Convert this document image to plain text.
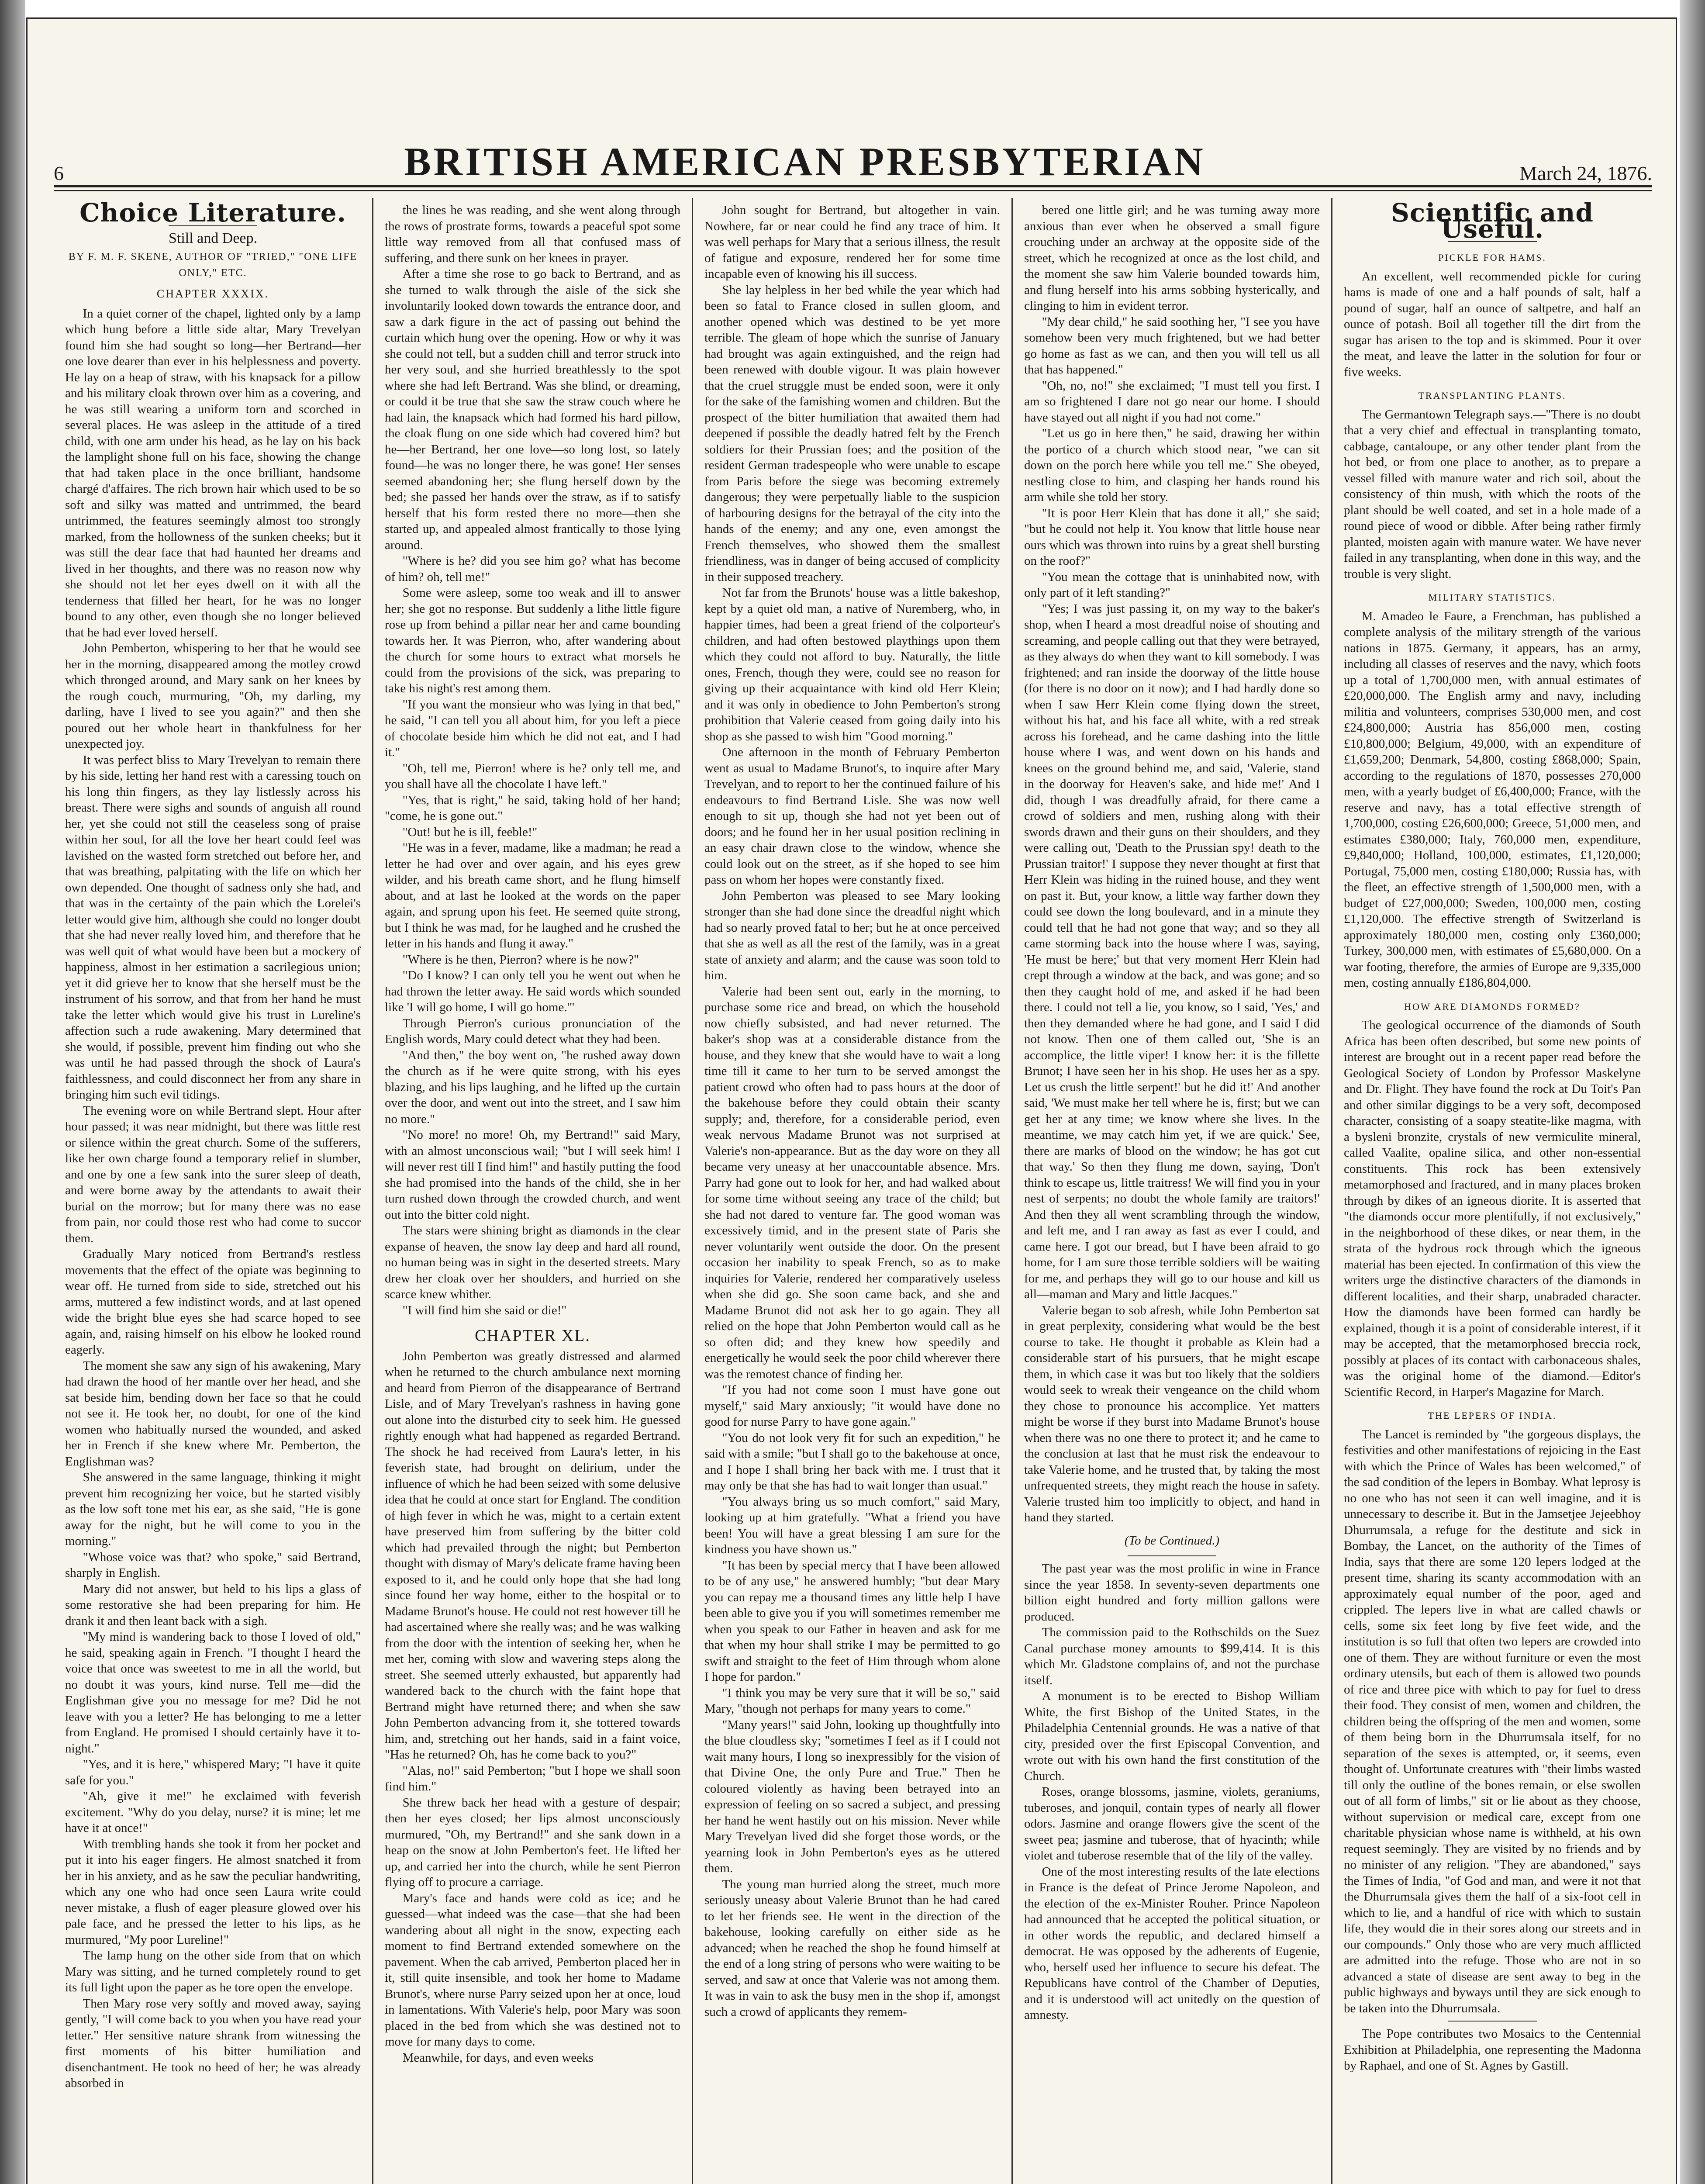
6	BRITISH AMERICAN PRESBYTERIAN	March 24, 1876.
Choice Literature.
Still and Deep.
BY F. M. F. SKENE, AUTHOR OF "TRIED," "ONE LIFE ONLY," ETC.
CHAPTER XXXIX.

In a quiet corner of the chapel, lighted only by a lamp which hung before a little side altar, Mary Trevelyan found him she had sought so long—her Bertrand—her one love dearer than ever in his helplessness and poverty. He lay on a heap of straw, with his knapsack for a pillow and his military cloak thrown over him as a covering, and he was still wearing a uniform torn and scorched in several places. He was asleep in the attitude of a tired child, with one arm under his head, as he lay on his back the lamplight shone full on his face, showing the change that had taken place in the once brilliant, handsome chargé d'affaires. The rich brown hair which used to be so soft and silky was matted and untrimmed, the beard untrimmed, the features seemingly almost too strongly marked, from the hollowness of the sunken cheeks; but it was still the dear face that had haunted her dreams and lived in her thoughts, and there was no reason now why she should not let her eyes dwell on it with all the tenderness that filled her heart, for he was no longer bound to any other, even though she no longer believed that he had ever loved herself.

John Pemberton, whispering to her that he would see her in the morning, disappeared among the motley crowd which thronged around, and Mary sank on her knees by the rough couch, murmuring, "Oh, my darling, my darling, have I lived to see you again?" and then she poured out her whole heart in thankfulness for her unexpected joy.

It was perfect bliss to Mary Trevelyan to remain there by his side, letting her hand rest with a caressing touch on his long thin fingers, as they lay listlessly across his breast. There were sighs and sounds of anguish all round her, yet she could not still the ceaseless song of praise within her soul, for all the love her heart could feel was lavished on the wasted form stretched out before her, and that was breathing, palpitating with the life on which her own depended. One thought of sadness only she had, and that was in the certainty of the pain which the Lorelei's letter would give him, although she could no longer doubt that she had never really loved him, and therefore that he was well quit of what would have been but a mockery of happiness, almost in her estimation a sacrilegious union; yet it did grieve her to know that she herself must be the instrument of his sorrow, and that from her hand he must take the letter which would give his trust in Lureline's affection such a rude awakening. Mary determined that she would, if possible, prevent him finding out who she was until he had passed through the shock of Laura's faithlessness, and could disconnect her from any share in bringing him such evil tidings.

The evening wore on while Bertrand slept. Hour after hour passed; it was near midnight, but there was little rest or silence within the great church. Some of the sufferers, like her own charge found a temporary relief in slumber, and one by one a few sank into the surer sleep of death, and were borne away by the attendants to await their burial on the morrow; but for many there was no ease from pain, nor could those rest who had come to succor them.

Gradually Mary noticed from Bertrand's restless movements that the effect of the opiate was beginning to wear off. He turned from side to side, stretched out his arms, muttered a few indistinct words, and at last opened wide the bright blue eyes she had scarce hoped to see again, and, raising himself on his elbow he looked round eagerly.

The moment she saw any sign of his awakening, Mary had drawn the hood of her mantle over her head, and she sat beside him, bending down her face so that he could not see it. He took her, no doubt, for one of the kind women who habitually nursed the wounded, and asked her in French if she knew where Mr. Pemberton, the Englishman was?

She answered in the same language, thinking it might prevent him recognizing her voice, but he started visibly as the low soft tone met his ear, as she said, "He is gone away for the night, but he will come to you in the morning."

"Whose voice was that? who spoke," said Bertrand, sharply in English.

Mary did not answer, but held to his lips a glass of some restorative she had been preparing for him. He drank it and then leant back with a sigh.

"My mind is wandering back to those I loved of old," he said, speaking again in French. "I thought I heard the voice that once was sweetest to me in all the world, but no doubt it was yours, kind nurse. Tell me—did the Englishman give you no message for me? Did he not leave with you a letter? He has belonging to me a letter from England. He promised I should certainly have it to-night."

"Yes, and it is here," whispered Mary; "I have it quite safe for you."

"Ah, give it me!" he exclaimed with feverish excitement. "Why do you delay, nurse? it is mine; let me have it at once!"

With trembling hands she took it from her pocket and put it into his eager fingers. He almost snatched it from her in his anxiety, and as he saw the peculiar handwriting, which any one who had once seen Laura write could never mistake, a flush of eager pleasure glowed over his pale face, and he pressed the letter to his lips, as he murmured, "My poor Lureline!"

The lamp hung on the other side from that on which Mary was sitting, and he turned completely round to get its full light upon the paper as he tore open the envelope.

Then Mary rose very softly and moved away, saying gently, "I will come back to you when you have read your letter." Her sensitive nature shrank from witnessing the first moments of his bitter humiliation and disenchantment. He took no heed of her; he was already absorbed in

the lines he was reading, and she went along through the rows of prostrate forms, towards a peaceful spot some little way removed from all that confused mass of suffering, and there sunk on her knees in prayer.

After a time she rose to go back to Bertrand, and as she turned to walk through the aisle of the sick she involuntarily looked down towards the entrance door, and saw a dark figure in the act of passing out behind the curtain which hung over the opening. How or why it was she could not tell, but a sudden chill and terror struck into her very soul, and she hurried breathlessly to the spot where she had left Bertrand. Was she blind, or dreaming, or could it be true that she saw the straw couch where he had lain, the knapsack which had formed his hard pillow, the cloak flung on one side which had covered him? but he—her Bertrand, her one love—so long lost, so lately found—he was no longer there, he was gone! Her senses seemed abandoning her; she flung herself down by the bed; she passed her hands over the straw, as if to satisfy herself that his form rested there no more—then she started up, and appealed almost frantically to those lying around.

"Where is he? did you see him go? what has become of him? oh, tell me!"

Some were asleep, some too weak and ill to answer her; she got no response. But suddenly a lithe little figure rose up from behind a pillar near her and came bounding towards her. It was Pierron, who, after wandering about the church for some hours to extract what morsels he could from the provisions of the sick, was preparing to take his night's rest among them.

"If you want the monsieur who was lying in that bed," he said, "I can tell you all about him, for you left a piece of chocolate beside him which he did not eat, and I had it."

"Oh, tell me, Pierron! where is he? only tell me, and you shall have all the chocolate I have left."

"Yes, that is right," he said, taking hold of her hand; "come, he is gone out."

"Out! but he is ill, feeble!"

"He was in a fever, madame, like a madman; he read a letter he had over and over again, and his eyes grew wilder, and his breath came short, and he flung himself about, and at last he looked at the words on the paper again, and sprung upon his feet. He seemed quite strong, but I think he was mad, for he laughed and he crushed the letter in his hands and flung it away."

"Where is he then, Pierron? where is he now?"

"Do I know? I can only tell you he went out when he had thrown the letter away. He said words which sounded like 'I will go home, I will go home.'"

Through Pierron's curious pronunciation of the English words, Mary could detect what they had been.

"And then," the boy went on, "he rushed away down the church as if he were quite strong, with his eyes blazing, and his lips laughing, and he lifted up the curtain over the door, and went out into the street, and I saw him no more."

"No more! no more! Oh, my Bertrand!" said Mary, with an almost unconscious wail; "but I will seek him! I will never rest till I find him!" and hastily putting the food she had promised into the hands of the child, she in her turn rushed down through the crowded church, and went out into the bitter cold night.

The stars were shining bright as diamonds in the clear expanse of heaven, the snow lay deep and hard all round, no human being was in sight in the deserted streets. Mary drew her cloak over her shoulders, and hurried on she scarce knew whither.

"I will find him she said or die!"

CHAPTER XL.

John Pemberton was greatly distressed and alarmed when he returned to the church ambulance next morning and heard from Pierron of the disappearance of Bertrand Lisle, and of Mary Trevelyan's rashness in having gone out alone into the disturbed city to seek him. He guessed rightly enough what had happened as regarded Bertrand. The shock he had received from Laura's letter, in his feverish state, had brought on delirium, under the influence of which he had been seized with some delusive idea that he could at once start for England. The condition of high fever in which he was, might to a certain extent have preserved him from suffering by the bitter cold which had prevailed through the night; but Pemberton thought with dismay of Mary's delicate frame having been exposed to it, and he could only hope that she had long since found her way home, either to the hospital or to Madame Brunot's house. He could not rest however till he had ascertained where she really was; and he was walking from the door with the intention of seeking her, when he met her, coming with slow and wavering steps along the street. She seemed utterly exhausted, but apparently had wandered back to the church with the faint hope that Bertrand might have returned there; and when she saw John Pemberton advancing from it, she tottered towards him, and, stretching out her hands, said in a faint voice, "Has he returned? Oh, has he come back to you?"

"Alas, no!" said Pemberton; "but I hope we shall soon find him."

She threw back her head with a gesture of despair; then her eyes closed; her lips almost unconsciously murmured, "Oh, my Bertrand!" and she sank down in a heap on the snow at John Pemberton's feet. He lifted her up, and carried her into the church, while he sent Pierron flying off to procure a carriage.

Mary's face and hands were cold as ice; and he guessed—what indeed was the case—that she had been wandering about all night in the snow, expecting each moment to find Bertrand extended somewhere on the pavement. When the cab arrived, Pemberton placed her in it, still quite insensible, and took her home to Madame Brunot's, where nurse Parry seized upon her at once, loud in lamentations. With Valerie's help, poor Mary was soon placed in the bed from which she was destined not to move for many days to come.

Meanwhile, for days, and even weeks

John sought for Bertrand, but altogether in vain. Nowhere, far or near could he find any trace of him. It was well perhaps for Mary that a serious illness, the result of fatigue and exposure, rendered her for some time incapable even of knowing his ill success.

She lay helpless in her bed while the year which had been so fatal to France closed in sullen gloom, and another opened which was destined to be yet more terrible. The gleam of hope which the sunrise of January had brought was again extinguished, and the reign had been renewed with double vigour. It was plain however that the cruel struggle must be ended soon, were it only for the sake of the famishing women and children. But the prospect of the bitter humiliation that awaited them had deepened if possible the deadly hatred felt by the French soldiers for their Prussian foes; and the position of the resident German tradespeople who were unable to escape from Paris before the siege was becoming extremely dangerous; they were perpetually liable to the suspicion of harbouring designs for the betrayal of the city into the hands of the enemy; and any one, even amongst the French themselves, who showed them the smallest friendliness, was in danger of being accused of complicity in their supposed treachery.

Not far from the Brunots' house was a little bakeshop, kept by a quiet old man, a native of Nuremberg, who, in happier times, had been a great friend of the colporteur's children, and had often bestowed playthings upon them which they could not afford to buy. Naturally, the little ones, French, though they were, could see no reason for giving up their acquaintance with kind old Herr Klein; and it was only in obedience to John Pemberton's strong prohibition that Valerie ceased from going daily into his shop as she passed to wish him "Good morning."

One afternoon in the month of February Pemberton went as usual to Madame Brunot's, to inquire after Mary Trevelyan, and to report to her the continued failure of his endeavours to find Bertrand Lisle. She was now well enough to sit up, though she had not yet been out of doors; and he found her in her usual position reclining in an easy chair drawn close to the window, whence she could look out on the street, as if she hoped to see him pass on whom her hopes were constantly fixed.

John Pemberton was pleased to see Mary looking stronger than she had done since the dreadful night which had so nearly proved fatal to her; but he at once perceived that she as well as all the rest of the family, was in a great state of anxiety and alarm; and the cause was soon told to him.

Valerie had been sent out, early in the morning, to purchase some rice and bread, on which the household now chiefly subsisted, and had never returned. The baker's shop was at a considerable distance from the house, and they knew that she would have to wait a long time till it came to her turn to be served amongst the patient crowd who often had to pass hours at the door of the bakehouse before they could obtain their scanty supply; and, therefore, for a considerable period, even weak nervous Madame Brunot was not surprised at Valerie's non-appearance. But as the day wore on they all became very uneasy at her unaccountable absence. Mrs. Parry had gone out to look for her, and had walked about for some time without seeing any trace of the child; but she had not dared to venture far. The good woman was excessively timid, and in the present state of Paris she never voluntarily went outside the door. On the present occasion her inability to speak French, so as to make inquiries for Valerie, rendered her comparatively useless when she did go. She soon came back, and she and Madame Brunot did not ask her to go again. They all relied on the hope that John Pemberton would call as he so often did; and they knew how speedily and energetically he would seek the poor child wherever there was the remotest chance of finding her.

"If you had not come soon I must have gone out myself," said Mary anxiously; "it would have done no good for nurse Parry to have gone again."

"You do not look very fit for such an expedition," he said with a smile; "but I shall go to the bakehouse at once, and I hope I shall bring her back with me. I trust that it may only be that she has had to wait longer than usual."

"You always bring us so much comfort," said Mary, looking up at him gratefully. "What a friend you have been! You will have a great blessing I am sure for the kindness you have shown us."

"It has been by special mercy that I have been allowed to be of any use," he answered humbly; "but dear Mary you can repay me a thousand times any little help I have been able to give you if you will sometimes remember me when you speak to our Father in heaven and ask for me that when my hour shall strike I may be permitted to go swift and straight to the feet of Him through whom alone I hope for pardon."

"I think you may be very sure that it will be so," said Mary, "though not perhaps for many years to come."

"Many years!" said John, looking up thoughtfully into the blue cloudless sky; "sometimes I feel as if I could not wait many hours, I long so inexpressibly for the vision of that Divine One, the only Pure and True." Then he coloured violently as having been betrayed into an expression of feeling on so sacred a subject, and pressing her hand he went hastily out on his mission. Never while Mary Trevelyan lived did she forget those words, or the yearning look in John Pemberton's eyes as he uttered them.

The young man hurried along the street, much more seriously uneasy about Valerie Brunot than he had cared to let her friends see. He went in the direction of the bakehouse, looking carefully on either side as he advanced; when he reached the shop he found himself at the end of a long string of persons who were waiting to be served, and saw at once that Valerie was not among them. It was in vain to ask the busy men in the shop if, amongst such a crowd of applicants they remem-

bered one little girl; and he was turning away more anxious than ever when he observed a small figure crouching under an archway at the opposite side of the street, which he recognized at once as the lost child, and the moment she saw him Valerie bounded towards him, and flung herself into his arms sobbing hysterically, and clinging to him in evident terror.

"My dear child," he said soothing her, "I see you have somehow been very much frightened, but we had better go home as fast as we can, and then you will tell us all that has happened."

"Oh, no, no!" she exclaimed; "I must tell you first. I am so frightened I dare not go near our home. I should have stayed out all night if you had not come."

"Let us go in here then," he said, drawing her within the portico of a church which stood near, "we can sit down on the porch here while you tell me." She obeyed, nestling close to him, and clasping her hands round his arm while she told her story.

"It is poor Herr Klein that has done it all," she said; "but he could not help it. You know that little house near ours which was thrown into ruins by a great shell bursting on the roof?"

"You mean the cottage that is uninhabited now, with only part of it left standing?"

"Yes; I was just passing it, on my way to the baker's shop, when I heard a most dreadful noise of shouting and screaming, and people calling out that they were betrayed, as they always do when they want to kill somebody. I was frightened; and ran inside the doorway of the little house (for there is no door on it now); and I had hardly done so when I saw Herr Klein come flying down the street, without his hat, and his face all white, with a red streak across his forehead, and he came dashing into the little house where I was, and went down on his hands and knees on the ground behind me, and said, 'Valerie, stand in the doorway for Heaven's sake, and hide me!' And I did, though I was dreadfully afraid, for there came a crowd of soldiers and men, rushing along with their swords drawn and their guns on their shoulders, and they were calling out, 'Death to the Prussian spy! death to the Prussian traitor!' I suppose they never thought at first that Herr Klein was hiding in the ruined house, and they went on past it. But, your know, a little way farther down they could see down the long boulevard, and in a minute they could tell that he had not gone that way; and so they all came storming back into the house where I was, saying, 'He must be here;' but that very moment Herr Klein had crept through a window at the back, and was gone; and so then they caught hold of me, and asked if he had been there. I could not tell a lie, you know, so I said, 'Yes,' and then they demanded where he had gone, and I said I did not know. Then one of them called out, 'She is an accomplice, the little viper! I know her: it is the fillette Brunot; I have seen her in his shop. He uses her as a spy. Let us crush the little serpent!' but he did it!' And another said, 'We must make her tell where he is, first; but we can get her at any time; we know where she lives. In the meantime, we may catch him yet, if we are quick.' See, there are marks of blood on the window; he has got cut that way.' So then they flung me down, saying, 'Don't think to escape us, little traitress! We will find you in your nest of serpents; no doubt the whole family are traitors!' And then they all went scrambling through the window, and left me, and I ran away as fast as ever I could, and came here. I got our bread, but I have been afraid to go home, for I am sure those terrible soldiers will be waiting for me, and perhaps they will go to our house and kill us all—maman and Mary and little Jacques."

Valerie began to sob afresh, while John Pemberton sat in great perplexity, considering what would be the best course to take. He thought it probable as Klein had a considerable start of his pursuers, that he might escape them, in which case it was but too likely that the soldiers would seek to wreak their vengeance on the child whom they chose to pronounce his accomplice. Yet matters might be worse if they burst into Madame Brunot's house when there was no one there to protect it; and he came to the conclusion at last that he must risk the endeavour to take Valerie home, and he trusted that, by taking the most unfrequented streets, they might reach the house in safety. Valerie trusted him too implicitly to object, and hand in hand they started.

(To be Continued.)

The past year was the most prolific in wine in France since the year 1858. In seventy-seven departments one billion eight hundred and forty million gallons were produced.

The commission paid to the Rothschilds on the Suez Canal purchase money amounts to $99,414. It is this which Mr. Gladstone complains of, and not the purchase itself.

A monument is to be erected to Bishop William White, the first Bishop of the United States, in the Philadelphia Centennial grounds. He was a native of that city, presided over the first Episcopal Convention, and wrote out with his own hand the first constitution of the Church.

Roses, orange blossoms, jasmine, violets, geraniums, tuberoses, and jonquil, contain types of nearly all flower odors. Jasmine and orange flowers give the scent of the sweet pea; jasmine and tuberose, that of hyacinth; while violet and tuberose resemble that of the lily of the valley.

One of the most interesting results of the late elections in France is the defeat of Prince Jerome Napoleon, and the election of the ex-Minister Rouher. Prince Napoleon had announced that he accepted the political situation, or in other words the republic, and declared himself a democrat. He was opposed by the adherents of Eugenie, who, herself used her influence to secure his defeat. The Republicans have control of the Chamber of Deputies, and it is understood will act unitedly on the question of amnesty.

Scientific and Useful.
PICKLE FOR HAMS.

An excellent, well recommended pickle for curing hams is made of one and a half pounds of salt, half a pound of sugar, half an ounce of saltpetre, and half an ounce of potash. Boil all together till the dirt from the sugar has arisen to the top and is skimmed. Pour it over the meat, and leave the latter in the solution for four or five weeks.

TRANSPLANTING PLANTS.

The Germantown Telegraph says.—"There is no doubt that a very chief and effectual in transplanting tomato, cabbage, cantaloupe, or any other tender plant from the hot bed, or from one place to another, as to prepare a vessel filled with manure water and rich soil, about the consistency of thin mush, with which the roots of the plant should be well coated, and set in a hole made of a round piece of wood or dibble. After being rather firmly planted, moisten again with manure water. We have never failed in any transplanting, when done in this way, and the trouble is very slight.

MILITARY STATISTICS.

M. Amadeo le Faure, a Frenchman, has published a complete analysis of the military strength of the various nations in 1875. Germany, it appears, has an army, including all classes of reserves and the navy, which foots up a total of 1,700,000 men, with annual estimates of £20,000,000. The English army and navy, including militia and volunteers, comprises 530,000 men, and cost £24,800,000; Austria has 856,000 men, costing £10,800,000; Belgium, 49,000, with an expenditure of £1,659,200; Denmark, 54,800, costing £868,000; Spain, according to the regulations of 1870, possesses 270,000 men, with a yearly budget of £6,400,000; France, with the reserve and navy, has a total effective strength of 1,700,000, costing £26,600,000; Greece, 51,000 men, and estimates £380,000; Italy, 760,000 men, expenditure, £9,840,000; Holland, 100,000, estimates, £1,120,000; Portugal, 75,000 men, costing £180,000; Russia has, with the fleet, an effective strength of 1,500,000 men, with a budget of £27,000,000; Sweden, 100,000 men, costing £1,120,000. The effective strength of Switzerland is approximately 180,000 men, costing only £360,000; Turkey, 300,000 men, with estimates of £5,680,000. On a war footing, therefore, the armies of Europe are 9,335,000 men, costing annually £186,804,000.

HOW ARE DIAMONDS FORMED?

The geological occurrence of the diamonds of South Africa has been often described, but some new points of interest are brought out in a recent paper read before the Geological Society of London by Professor Maskelyne and Dr. Flight. They have found the rock at Du Toit's Pan and other similar diggings to be a very soft, decomposed character, consisting of a soapy steatite-like magma, with a bysleni bronzite, crystals of new vermiculite mineral, called Vaalite, opaline silica, and other non-essential constituents. This rock has been extensively metamorphosed and fractured, and in many places broken through by dikes of an igneous diorite. It is asserted that "the diamonds occur more plentifully, if not exclusively," in the neighborhood of these dikes, or near them, in the strata of the hydrous rock through which the igneous material has been ejected. In confirmation of this view the writers urge the distinctive characters of the diamonds in different localities, and their sharp, unabraded character. How the diamonds have been formed can hardly be explained, though it is a point of considerable interest, if it may be accepted, that the metamorphosed breccia rock, possibly at places of its contact with carbonaceous shales, was the original home of the diamond.—Editor's Scientific Record, in Harper's Magazine for March.

THE LEPERS OF INDIA.

The Lancet is reminded by "the gorgeous displays, the festivities and other manifestations of rejoicing in the East with which the Prince of Wales has been welcomed," of the sad condition of the lepers in Bombay. What leprosy is no one who has not seen it can well imagine, and it is unnecessary to describe it. But in the Jamsetjee Jejeebhoy Dhurrumsala, a refuge for the destitute and sick in Bombay, the Lancet, on the authority of the Times of India, says that there are some 120 lepers lodged at the present time, sharing its scanty accommodation with an approximately equal number of the poor, aged and crippled. The lepers live in what are called chawls or cells, some six feet long by five feet wide, and the institution is so full that often two lepers are crowded into one of them. They are without furniture or even the most ordinary utensils, but each of them is allowed two pounds of rice and three pice with which to pay for fuel to dress their food. They consist of men, women and children, the children being the offspring of the men and women, some of them being born in the Dhurrumsala itself, for no separation of the sexes is attempted, or, it seems, even thought of. Unfortunate creatures with "their limbs wasted till only the outline of the bones remain, or else swollen out of all form of limbs," sit or lie about as they choose, without supervision or medical care, except from one charitable physician whose name is withheld, at his own request seemingly. They are visited by no friends and by no minister of any religion. "They are abandoned," says the Times of India, "of God and man, and were it not that the Dhurrumsala gives them the half of a six-foot cell in which to lie, and a handful of rice with which to sustain life, they would die in their sores along our streets and in our compounds." Only those who are very much afflicted are admitted into the refuge. Those who are not in so advanced a state of disease are sent away to beg in the public highways and byways until they are sick enough to be taken into the Dhurrumsala.

The Pope contributes two Mosaics to the Centennial Exhibition at Philadelphia, one representing the Madonna by Raphael, and one of St. Agnes by Gastill.
